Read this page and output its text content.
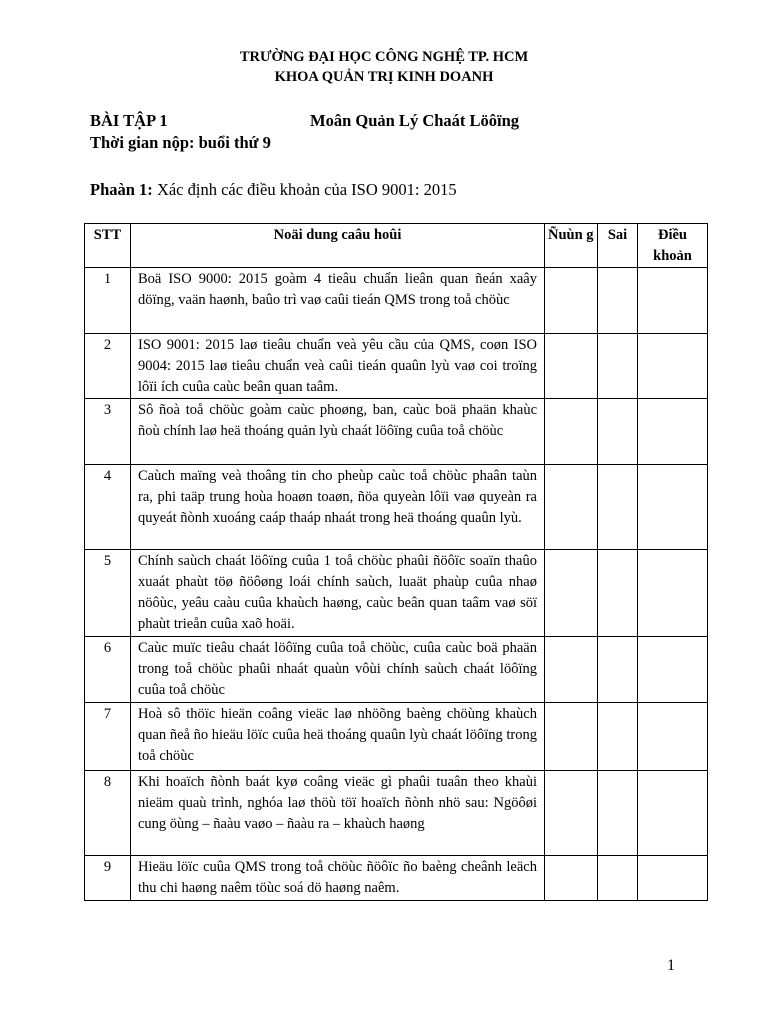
TRƯỜNG ĐẠI HỌC CÔNG NGHỆ TP. HCM
KHOA QUẢN TRỊ KINH DOANH
BÀI TẬP 1	Moân Quản Lý Chaát Löôïng
Thời gian nộp: buổi thứ 9
Phaàn 1: Xác định các điều khoản của ISO 9001: 2015
STT	Noäi dung caâu hoûi	Ñuùn g	Sai	Điều khoản
1	Boä ISO 9000: 2015 goàm 4 tieâu chuẩn lieân quan ñeán xaây döïng, vaän haønh, baûo trì vaø caûi tieán QMS trong toå chöùc			
2	ISO 9001: 2015 laø tieâu chuẩn veà yêu cầu của QMS, coøn ISO 9004: 2015 laø tieâu chuẩn veà caûi tieán quaûn lyù vaø coi troïng lôïi ích cuûa caùc beân quan taâm.			
3	Sô ñoà toå chöùc goàm caùc phoøng, ban, caùc boä phaän khaùc ñoù chính laø heä thoáng quản lyù chaát löôïng cuûa toå chöùc			
4	Caùch maïng veà thoâng tin cho pheùp caùc toå chöùc phaân taùn ra, phi taäp trung hoùa hoaøn toaøn, ñöa quyeàn lôïi vaø quyeàn ra quyeát ñònh xuoáng caáp thaáp nhaát trong heä thoáng quaûn lyù.			
5	Chính saùch chaát löôïng cuûa 1 toå chöùc phaûi ñöôïc soaïn thaûo xuaát phaùt töø ñöôøng loái chính saùch, luaät phaùp cuûa nhaø nöôùc, yeâu caàu cuûa khaùch haøng, caùc beân quan taâm vaø söï phaùt trieån cuûa xaõ hoäi.			
6	Caùc muïc tieâu chaát löôïng cuûa toå chöùc, cuûa caùc boä phaän trong toå chöùc phaûi nhaát quaùn vôùi chính saùch chaát löôïng cuûa toå chöùc			
7	Hoà sô thöïc hieän coâng vieäc laø nhöõng baèng chöùng khaùch quan ñeå ño hieäu löïc cuûa heä thoáng quaûn lyù chaát löôïng trong toå chöùc			
8	Khi hoaïch ñònh baát kyø coâng vieäc gì phaûi tuaân theo khaùi nieäm quaù trình, nghóa laø thöù töï hoaïch ñònh nhö sau: Ngöôøi cung öùng – ñaàu vaøo – ñaàu ra – khaùch haøng			
9	Hieäu löïc cuûa QMS trong toå chöùc ñöôïc ño baèng cheânh leäch thu chi haøng naêm töùc soá dö haøng naêm.			
1
